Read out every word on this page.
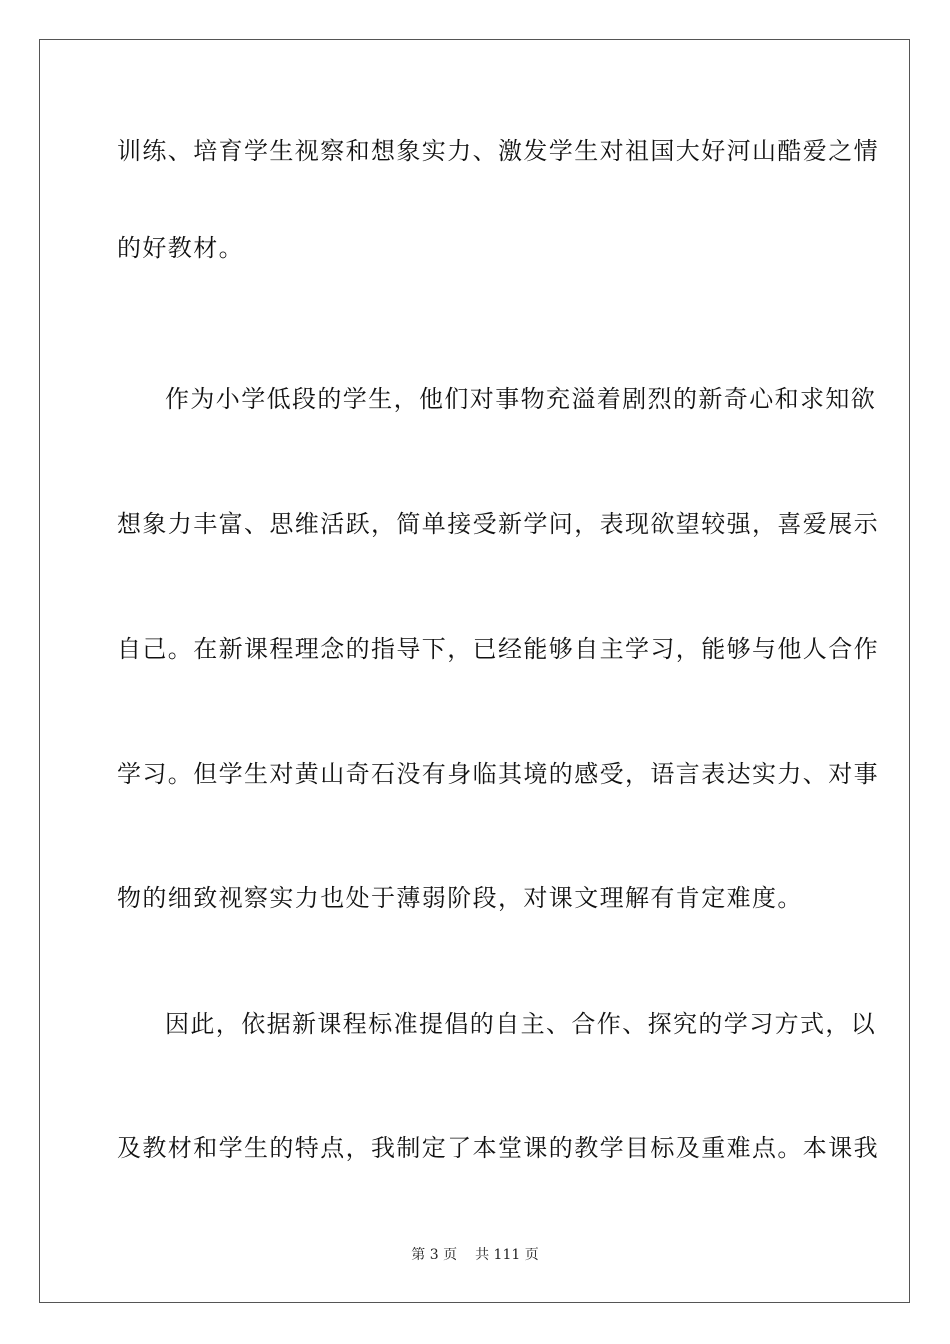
训练、培育学生视察和想象实力、激发学生对祖国大好河山酷爱之情
的好教材。
作为小学低段的学生，他们对事物充溢着剧烈的新奇心和求知欲
想象力丰富、思维活跃，简单接受新学问，表现欲望较强，喜爱展示
自己。在新课程理念的指导下，已经能够自主学习，能够与他人合作
学习。但学生对黄山奇石没有身临其境的感受，语言表达实力、对事
物的细致视察实力也处于薄弱阶段，对课文理解有肯定难度。
因此，依据新课程标准提倡的自主、合作、探究的学习方式，以
及教材和学生的特点，我制定了本堂课的教学目标及重难点。本课我
第 3 页 共 111 页
